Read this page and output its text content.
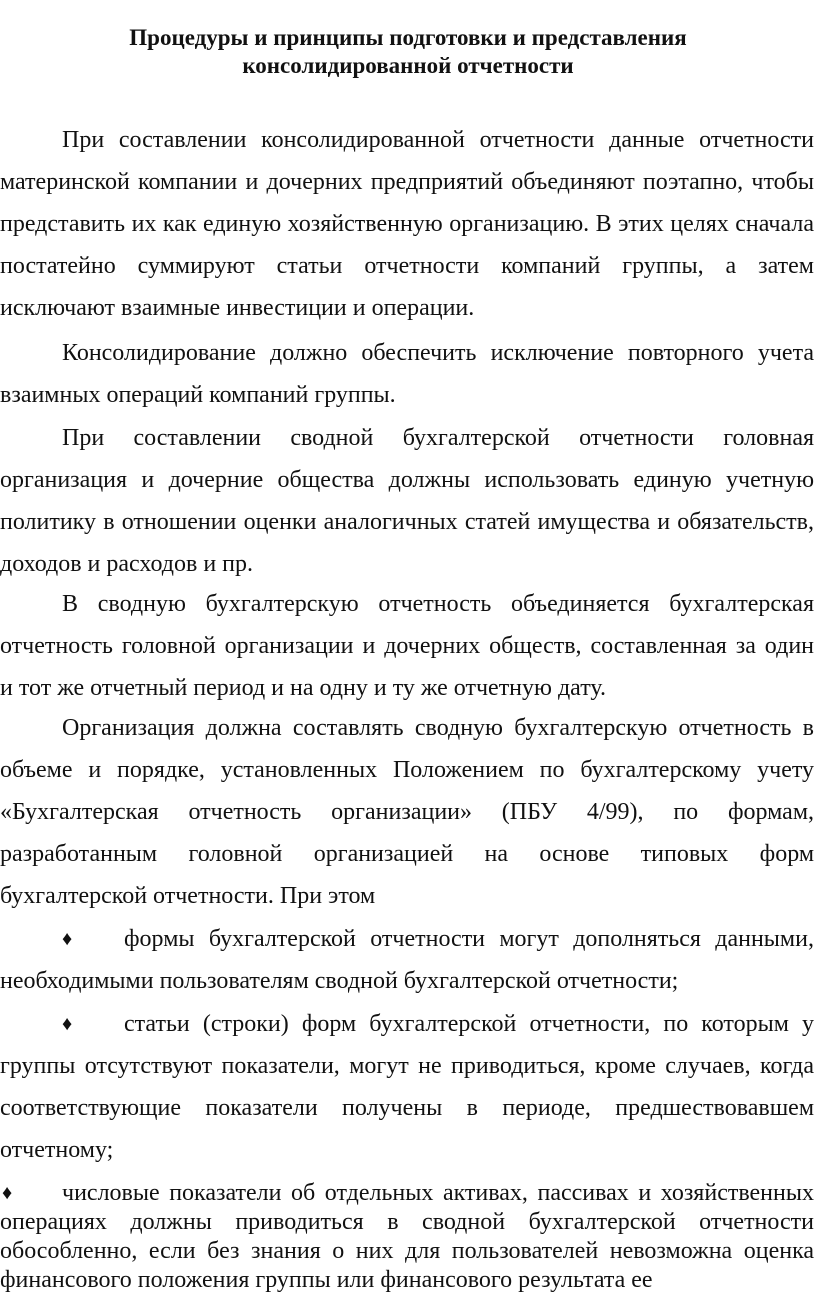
Процедуры и принципы подготовки и представления
консолидированной отчетности
При составлении консолидированной отчетности данные отчетности
материнской компании и дочерних предприятий объединяют поэтапно, чтобы
представить их как единую хозяйственную организацию. В этих целях сначала
постатейно суммируют статьи отчетности компаний группы, а затем
исключают взаимные инвестиции и операции.
Консолидирование должно обеспечить исключение повторного учета
взаимных операций компаний группы.
При составлении сводной бухгалтерской отчетности головная
организация и дочерние общества должны использовать единую учетную
политику в отношении оценки аналогичных статей имущества и обязательств,
доходов и расходов и пр.
В сводную бухгалтерскую отчетность объединяется бухгалтерская
отчетность головной организации и дочерних обществ, составленная за один
и тот же отчетный период и на одну и ту же отчетную дату.
Организация должна составлять сводную бухгалтерскую отчетность в
объеме и порядке, установленных Положением по бухгалтерскому учету
«Бухгалтерская отчетность организации» (ПБУ 4/99), по формам,
разработанным головной организацией на основе типовых форм
бухгалтерской отчетности. При этом
♦ формы бухгалтерской отчетности могут дополняться данными,
необходимыми пользователям сводной бухгалтерской отчетности;
♦ статьи (строки) форм бухгалтерской отчетности, по которым у
группы отсутствуют показатели, могут не приводиться, кроме случаев, когда
соответствующие показатели получены в периоде, предшествовавшем
отчетному;
♦ числовые показатели об отдельных активах, пассивах и хозяйственных
операциях должны приводиться в сводной бухгалтерской отчетности
обособленно, если без знания о них для пользователей невозможна оценка
финансового положения группы или финансового результата ее
